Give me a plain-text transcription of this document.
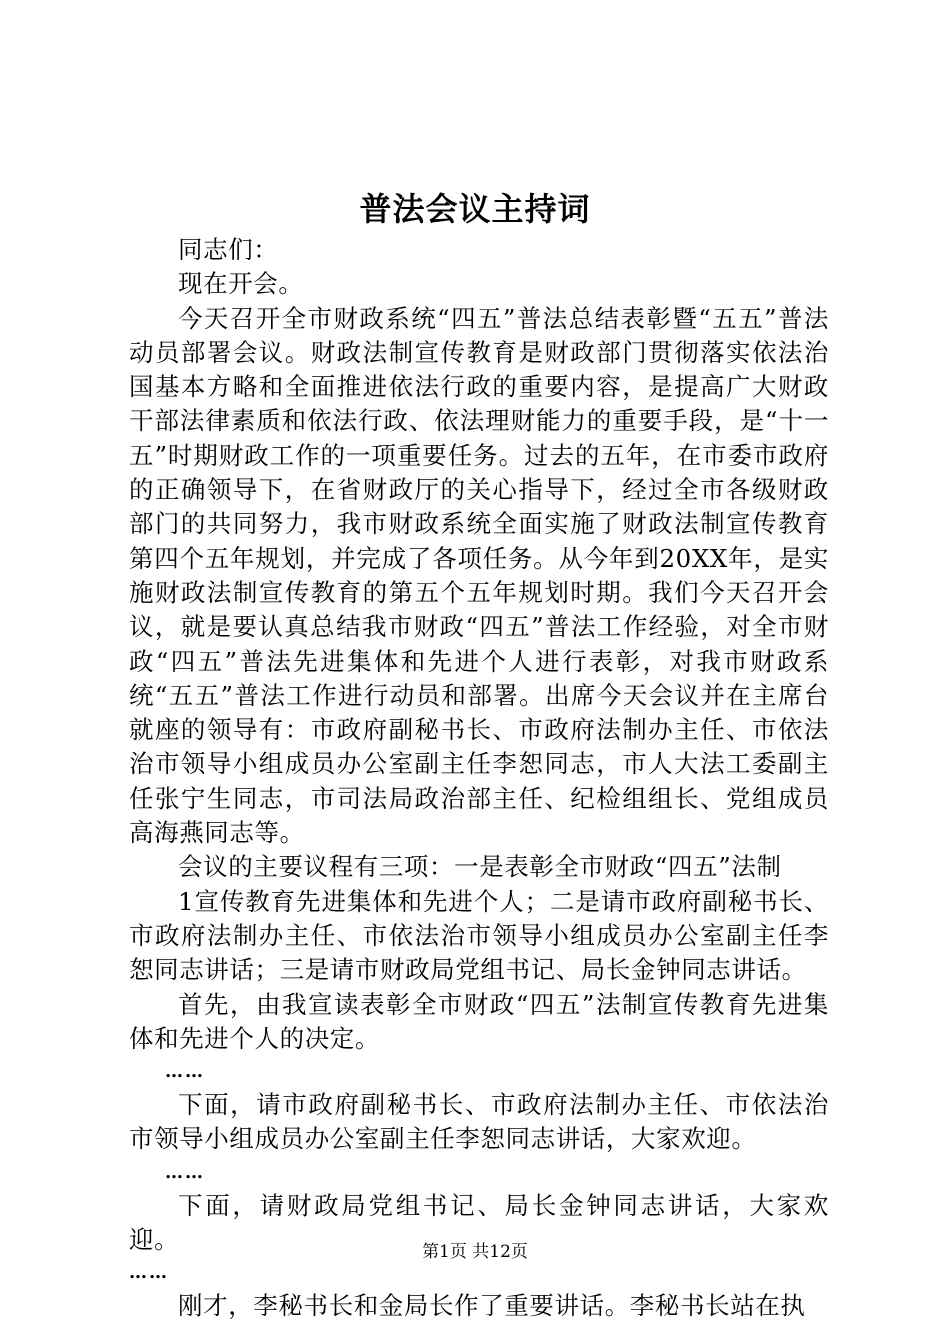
普法会议主持词

同志们：

现在开会。

今天召开全市财政系统“四五”普法总结表彰暨“五五”普法动员部署会议。财政法制宣传教育是财政部门贯彻落实依法治国基本方略和全面推进依法行政的重要内容，是提高广大财政干部法律素质和依法行政、依法理财能力的重要手段，是“十一五”时期财政工作的一项重要任务。过去的五年，在市委市政府的正确领导下，在省财政厅的关心指导下，经过全市各级财政部门的共同努力，我市财政系统全面实施了财政法制宣传教育第四个五年规划，并完成了各项任务。从今年到20XX年，是实施财政法制宣传教育的第五个五年规划时期。我们今天召开会议，就是要认真总结我市财政“四五”普法工作经验，对全市财政“四五”普法先进集体和先进个人进行表彰，对我市财政系统“五五”普法工作进行动员和部署。出席今天会议并在主席台就座的领导有：市政府副秘书长、市政府法制办主任、市依法治市领导小组成员办公室副主任李恕同志，市人大法工委副主任张宁生同志，市司法局政治部主任、纪检组组长、党组成员高海燕同志等。

会议的主要议程有三项：一是表彰全市财政“四五”法制

1宣传教育先进集体和先进个人；二是请市政府副秘书长、市政府法制办主任、市依法治市领导小组成员办公室副主任李恕同志讲话；三是请市财政局党组书记、局长金钟同志讲话。

首先，由我宣读表彰全市财政“四五”法制宣传教育先进集体和先进个人的决定。

……

下面，请市政府副秘书长、市政府法制办主任、市依法治市领导小组成员办公室副主任李恕同志讲话，大家欢迎。

……

下面，请财政局党组书记、局长金钟同志讲话，大家欢迎。

……

刚才，李秘书长和金局长作了重要讲话。李秘书长站在执

第1页 共12页
